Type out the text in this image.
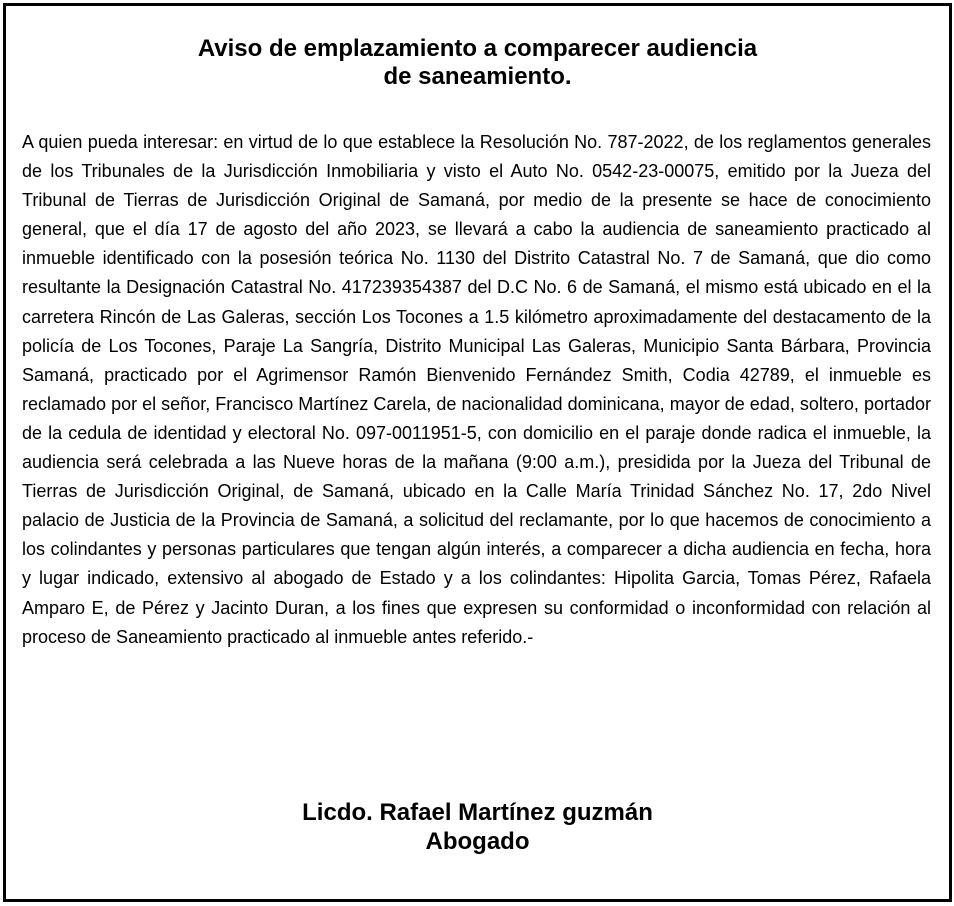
Aviso de emplazamiento a comparecer audiencia
de saneamiento.

A quien pueda interesar: en virtud de lo que establece la Resolución No. 787-2022, de los reglamentos generales de los Tribunales de la Jurisdicción Inmobiliaria y visto el Auto No. 0542-23-00075, emitido por la Jueza del Tribunal de Tierras de Jurisdicción Original de Samaná, por medio de la presente se hace de conocimiento general, que el día 17 de agosto del año 2023, se llevará a cabo la audiencia de saneamiento practicado al inmueble identificado con la posesión teórica No. 1130 del Distrito Catastral No. 7 de Samaná, que dio como resultante la Designación Catastral No. 417239354387 del D.C No. 6 de Samaná, el mismo está ubicado en el la carretera Rincón de Las Galeras, sección Los Tocones a 1.5 kilómetro aproximadamente del destacamento de la policía de Los Tocones, Paraje La Sangría, Distrito Municipal Las Galeras, Municipio Santa Bárbara, Provincia Samaná, practicado por el Agrimensor Ramón Bienvenido Fernández Smith, Codia 42789, el inmueble es reclamado por el señor, Francisco Martínez Carela, de nacionalidad dominicana, mayor de edad, soltero, portador de la cedula de identidad y electoral No. 097-0011951-5, con domicilio en el paraje donde radica el inmueble, la audiencia será celebrada a las Nueve horas de la mañana (9:00 a.m.), presidida por la Jueza del Tribunal de Tierras de Jurisdicción Original, de Samaná, ubicado en la Calle María Trinidad Sánchez No. 17, 2do Nivel palacio de Justicia de la Provincia de Samaná, a solicitud del reclamante, por lo que hacemos de conocimiento a los colindantes y personas particulares que tengan algún interés, a comparecer a dicha audiencia en fecha, hora y lugar indicado, extensivo al abogado de Estado y a los colindantes: Hipolita Garcia, Tomas Pérez, Rafaela Amparo E, de Pérez y Jacinto Duran, a los fines que expresen su conformidad o inconformidad con relación al proceso de Saneamiento practicado al inmueble antes referido.-

Licdo. Rafael Martínez guzmán
Abogado
